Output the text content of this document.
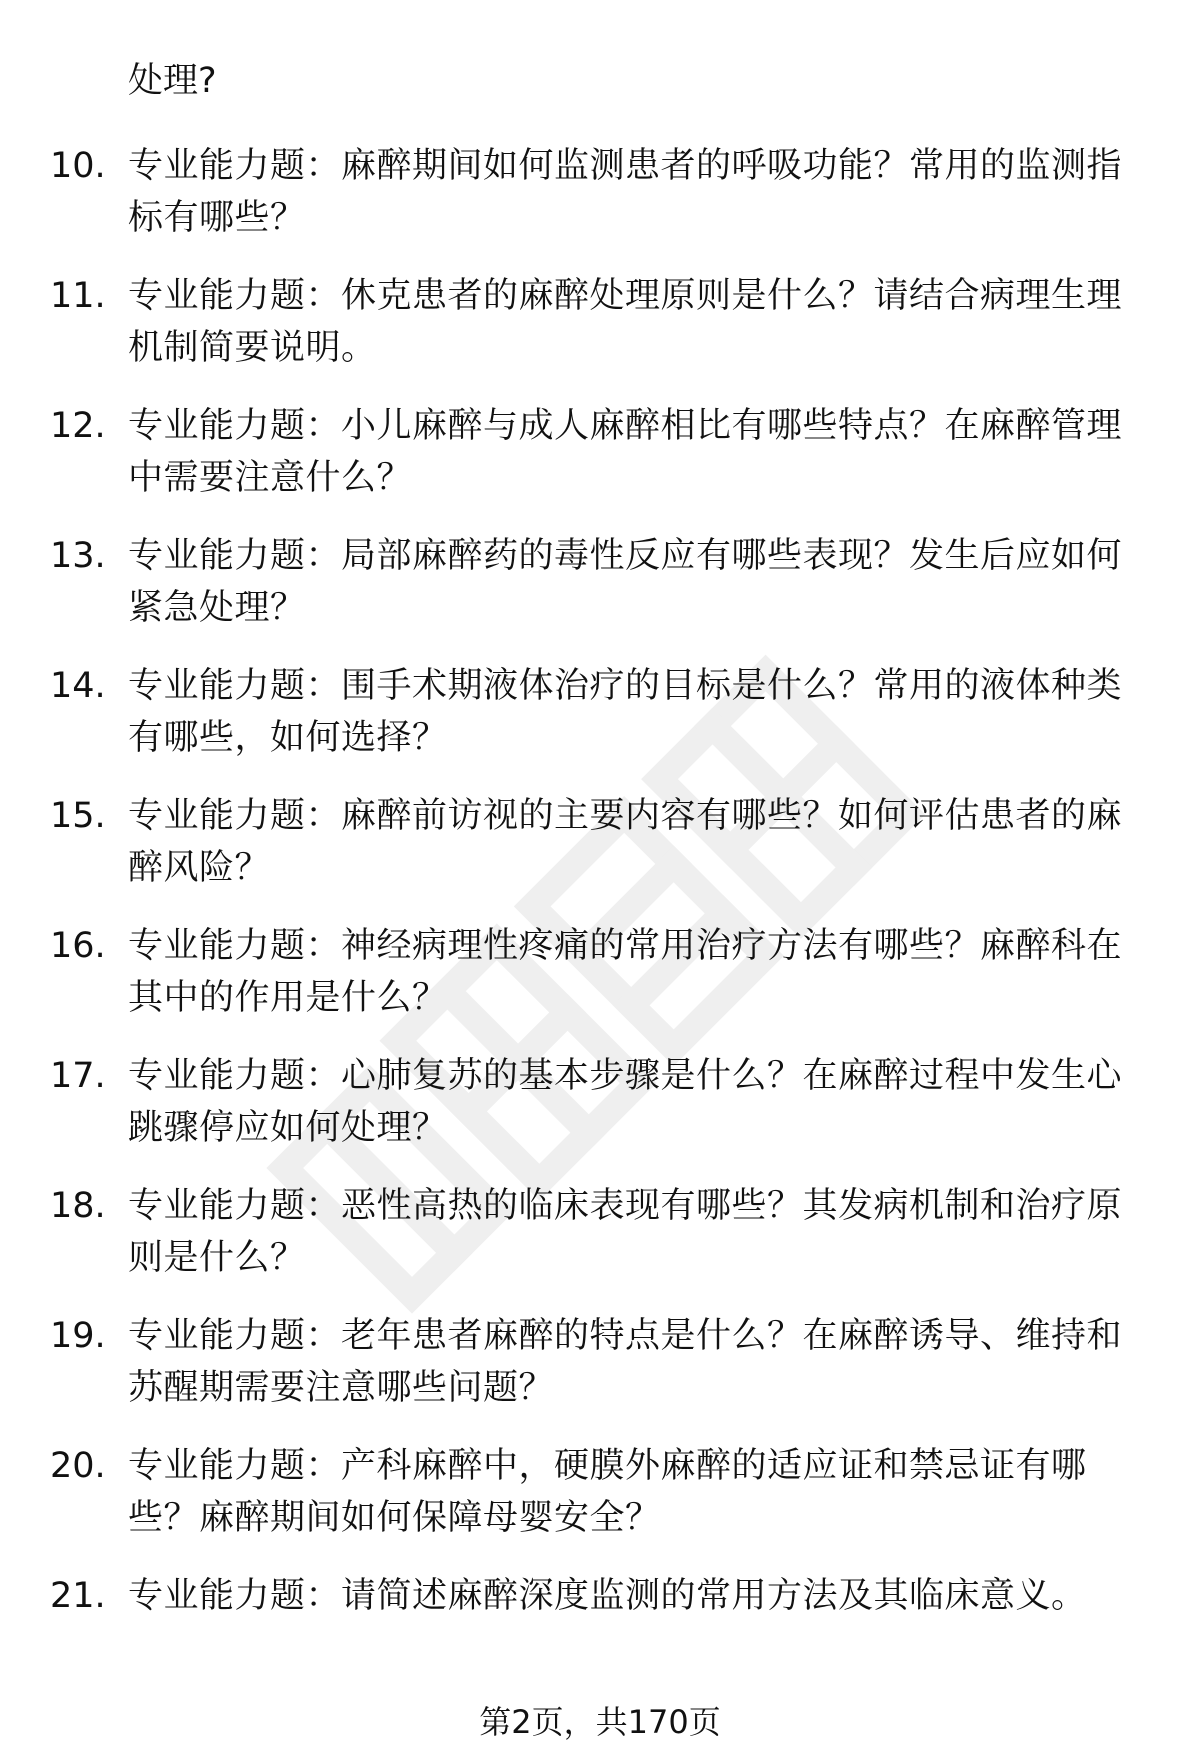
处理?
10. 专业能力题：麻醉期间如何监测患者的呼吸功能？常用的监测指
标有哪些？
11. 专业能力题：休克患者的麻醉处理原则是什么？请结合病理生理
机制简要说明。
12. 专业能力题：小儿麻醉与成人麻醉相比有哪些特点？在麻醉管理
中需要注意什么？
13. 专业能力题：局部麻醉药的毒性反应有哪些表现？发生后应如何
紧急处理？
14. 专业能力题：围手术期液体治疗的目标是什么？常用的液体种类
有哪些，如何选择？
15. 专业能力题：麻醉前访视的主要内容有哪些？如何评估患者的麻
醉风险？
16. 专业能力题：神经病理性疼痛的常用治疗方法有哪些？麻醉科在
其中的作用是什么？
17. 专业能力题：心肺复苏的基本步骤是什么？在麻醉过程中发生心
跳骤停应如何处理？
18. 专业能力题：恶性高热的临床表现有哪些？其发病机制和治疗原
则是什么？
19. 专业能力题：老年患者麻醉的特点是什么？在麻醉诱导、维持和
苏醒期需要注意哪些问题？
20. 专业能力题：产科麻醉中，硬膜外麻醉的适应证和禁忌证有哪
些？麻醉期间如何保障母婴安全？
21. 专业能力题：请简述麻醉深度监测的常用方法及其临床意义。
第2页，共170页
